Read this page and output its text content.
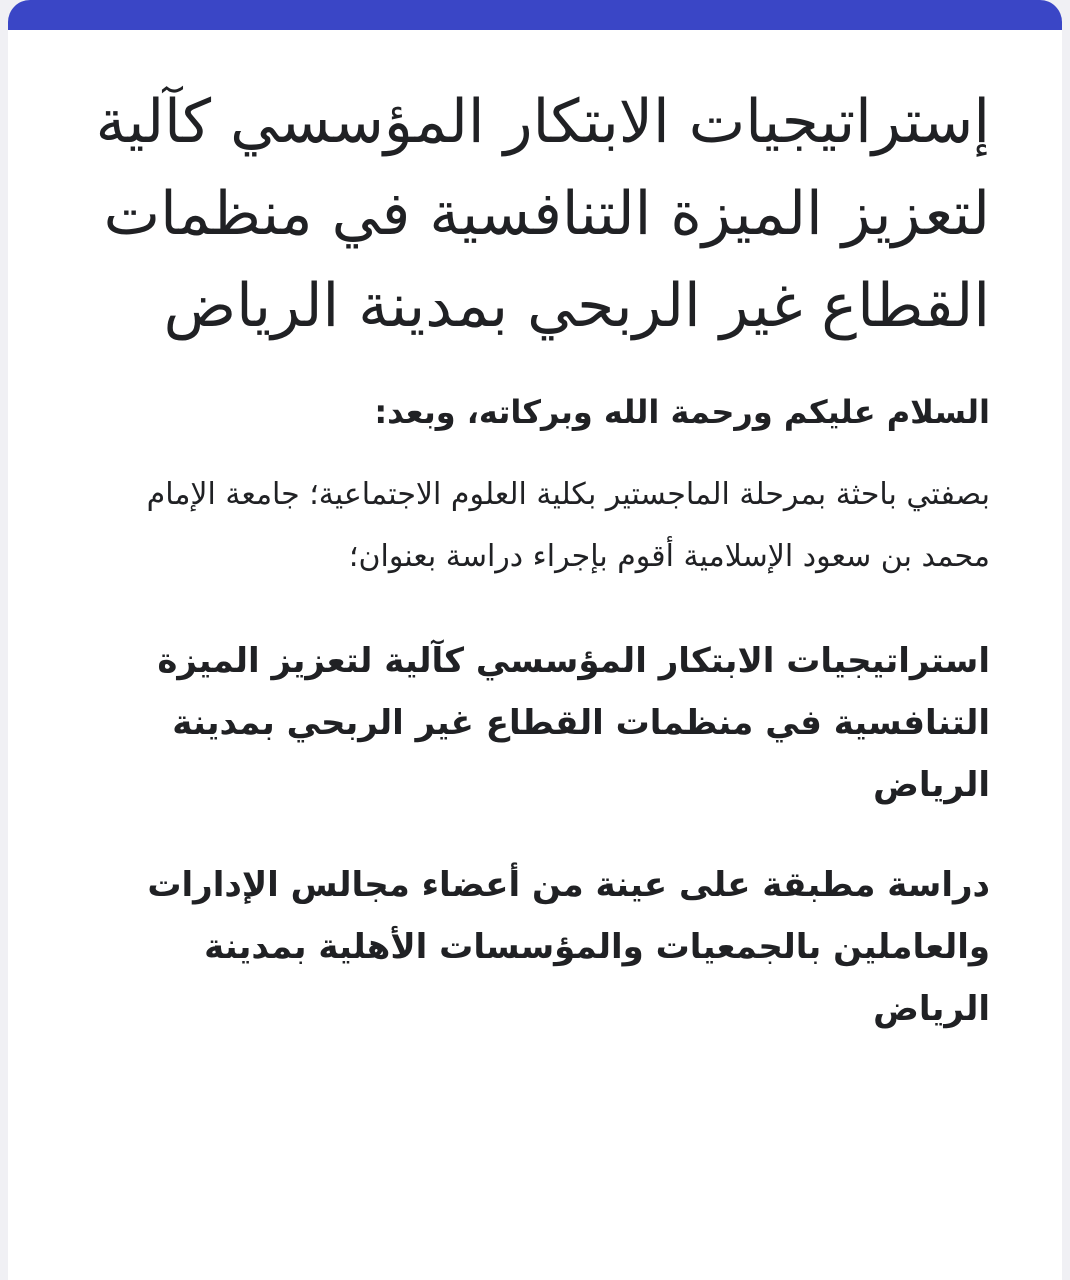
إستراتيجيات الابتكار المؤسسي كآلية لتعزيز الميزة التنافسية في منظمات القطاع غير الربحي بمدينة الرياض

السلام عليكم ورحمة الله وبركاته، وبعد:

بصفتي باحثة بمرحلة الماجستير بكلية العلوم الاجتماعية؛ جامعة الإمام محمد بن سعود الإسلامية أقوم بإجراء دراسة بعنوان؛

استراتيجيات الابتكار المؤسسي كآلية لتعزيز الميزة التنافسية في منظمات القطاع غير الربحي بمدينة الرياض

دراسة مطبقة على عينة من أعضاء مجالس الإدارات والعاملين بالجمعيات والمؤسسات الأهلية بمدينة الرياض
